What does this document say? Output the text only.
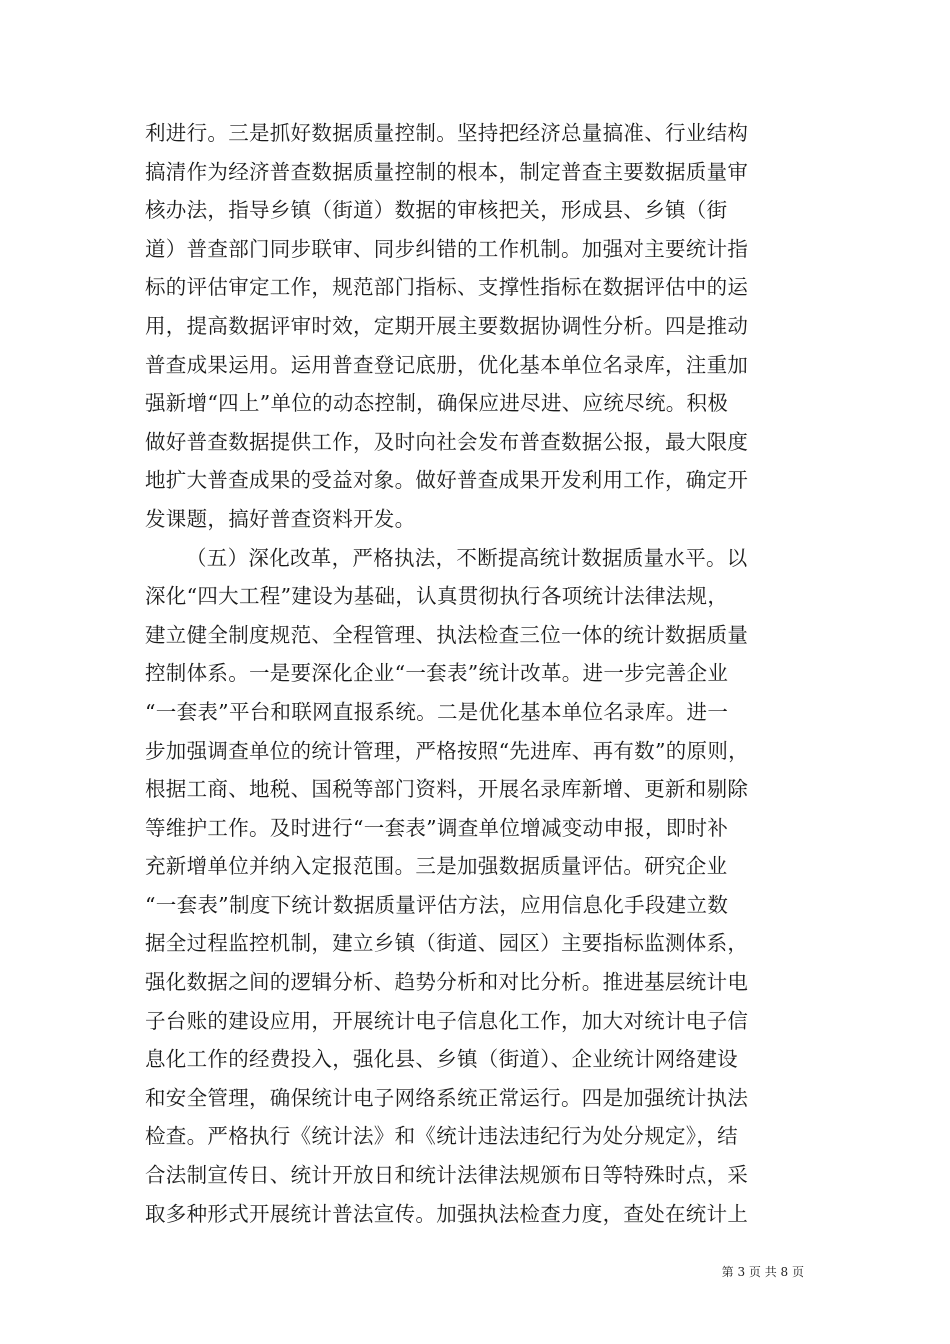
利进行。三是抓好数据质量控制。坚持把经济总量搞准、行业结构
搞清作为经济普查数据质量控制的根本，制定普查主要数据质量审
核办法，指导乡镇（街道）数据的审核把关，形成县、乡镇（街
道）普查部门同步联审、同步纠错的工作机制。加强对主要统计指
标的评估审定工作，规范部门指标、支撑性指标在数据评估中的运
用，提高数据评审时效，定期开展主要数据协调性分析。四是推动
普查成果运用。运用普查登记底册，优化基本单位名录库，注重加
强新增“四上”单位的动态控制，确保应进尽进、应统尽统。积极
做好普查数据提供工作，及时向社会发布普查数据公报，最大限度
地扩大普查成果的受益对象。做好普查成果开发利用工作，确定开
发课题，搞好普查资料开发。
（五）深化改革，严格执法，不断提高统计数据质量水平。以
深化“四大工程”建设为基础，认真贯彻执行各项统计法律法规，
建立健全制度规范、全程管理、执法检查三位一体的统计数据质量
控制体系。一是要深化企业“一套表”统计改革。进一步完善企业
“一套表”平台和联网直报系统。二是优化基本单位名录库。进一
步加强调查单位的统计管理，严格按照“先进库、再有数”的原则，
根据工商、地税、国税等部门资料，开展名录库新增、更新和剔除
等维护工作。及时进行“一套表”调查单位增减变动申报，即时补
充新增单位并纳入定报范围。三是加强数据质量评估。研究企业
“一套表”制度下统计数据质量评估方法，应用信息化手段建立数
据全过程监控机制，建立乡镇（街道、园区）主要指标监测体系，
强化数据之间的逻辑分析、趋势分析和对比分析。推进基层统计电
子台账的建设应用，开展统计电子信息化工作，加大对统计电子信
息化工作的经费投入，强化县、乡镇（街道）、企业统计网络建设
和安全管理，确保统计电子网络系统正常运行。四是加强统计执法
检查。严格执行《统计法》和《统计违法违纪行为处分规定》，结
合法制宣传日、统计开放日和统计法律法规颁布日等特殊时点，采
取多种形式开展统计普法宣传。加强执法检查力度，查处在统计上
第 3 页 共 8 页
